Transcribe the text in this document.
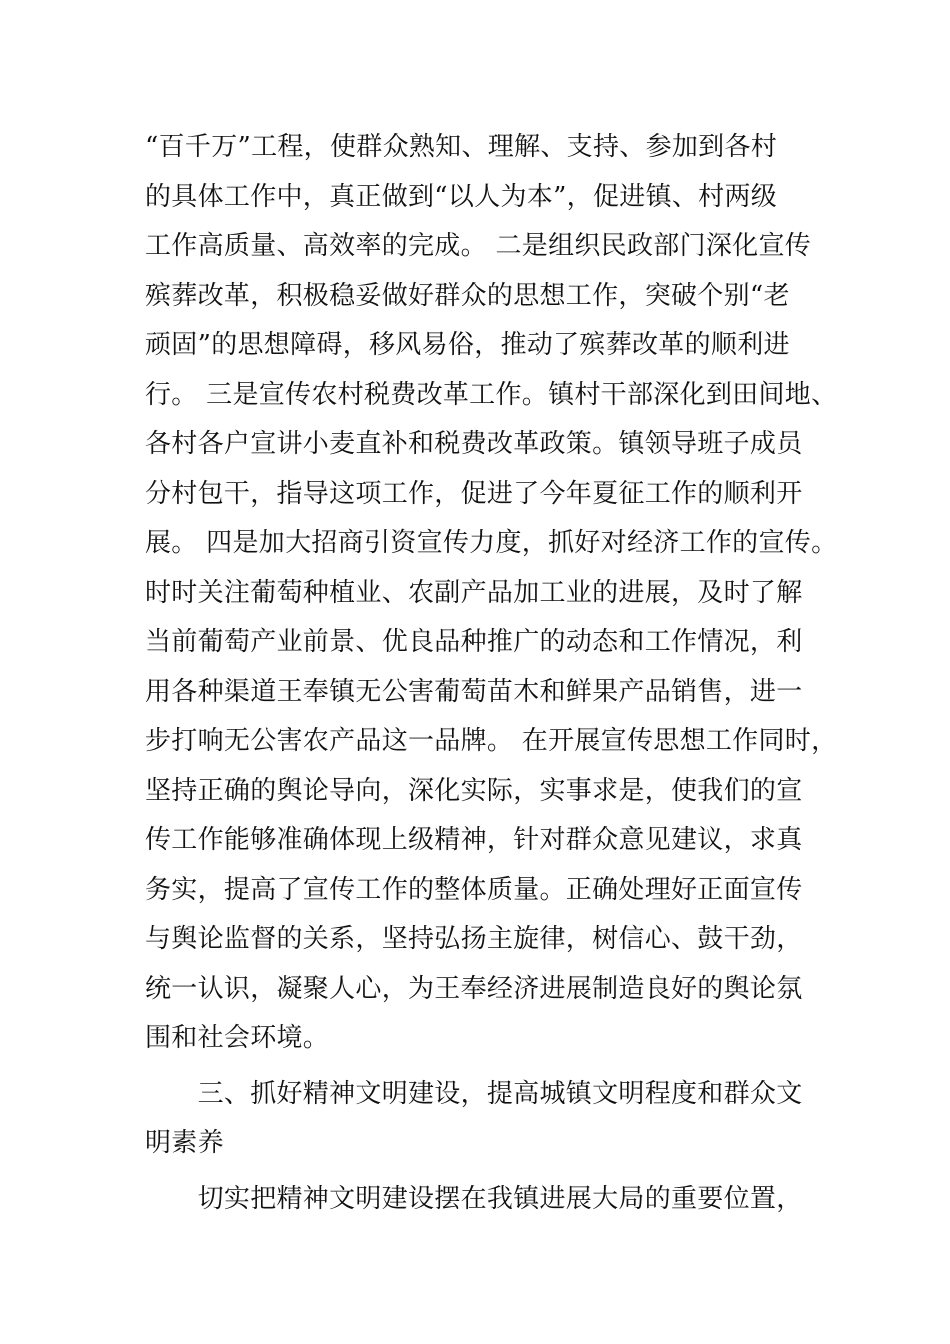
“百千万”工程，使群众熟知、理解、支持、参加到各村
的具体工作中，真正做到“以人为本”，促进镇、村两级
工作高质量、高效率的完成。 二是组织民政部门深化宣传
殡葬改革，积极稳妥做好群众的思想工作，突破个别“老
顽固”的思想障碍，移风易俗，推动了殡葬改革的顺利进
行。 三是宣传农村税费改革工作。镇村干部深化到田间地、
各村各户宣讲小麦直补和税费改革政策。镇领导班子成员
分村包干，指导这项工作，促进了今年夏征工作的顺利开
展。 四是加大招商引资宣传力度，抓好对经济工作的宣传。
时时关注葡萄种植业、农副产品加工业的进展，及时了解
当前葡萄产业前景、优良品种推广的动态和工作情况，利
用各种渠道王奉镇无公害葡萄苗木和鲜果产品销售，进一
步打响无公害农产品这一品牌。 在开展宣传思想工作同时，
坚持正确的舆论导向，深化实际，实事求是，使我们的宣
传工作能够准确体现上级精神，针对群众意见建议，求真
务实，提高了宣传工作的整体质量。正确处理好正面宣传
与舆论监督的关系，坚持弘扬主旋律，树信心、鼓干劲，
统一认识，凝聚人心，为王奉经济进展制造良好的舆论氛
围和社会环境。
　　三、抓好精神文明建设，提高城镇文明程度和群众文
明素养
　　切实把精神文明建设摆在我镇进展大局的重要位置，
